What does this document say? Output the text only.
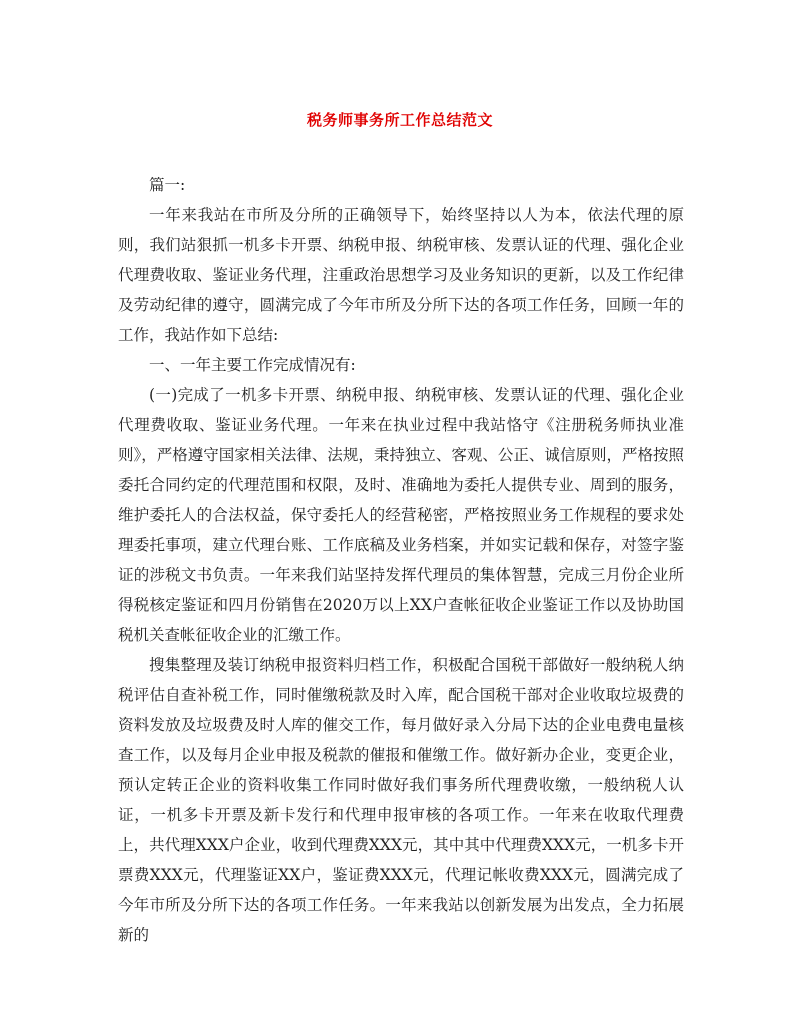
税务师事务所工作总结范文

篇一:

一年来我站在市所及分所的正确领导下，始终坚持以人为本，依法代理的原则，我们站狠抓一机多卡开票、纳税申报、纳税审核、发票认证的代理、强化企业代理费收取、鉴证业务代理，注重政治思想学习及业务知识的更新，以及工作纪律及劳动纪律的遵守，圆满完成了今年市所及分所下达的各项工作任务，回顾一年的工作，我站作如下总结:

一、一年主要工作完成情况有:

(一)完成了一机多卡开票、纳税申报、纳税审核、发票认证的代理、强化企业代理费收取、鉴证业务代理。一年来在执业过程中我站恪守《注册税务师执业准则》，严格遵守国家相关法律、法规，秉持独立、客观、公正、诚信原则，严格按照委托合同约定的代理范围和权限，及时、准确地为委托人提供专业、周到的服务，维护委托人的合法权益，保守委托人的经营秘密，严格按照业务工作规程的要求处理委托事项，建立代理台账、工作底稿及业务档案，并如实记载和保存，对签字鉴证的涉税文书负责。一年来我们站坚持发挥代理员的集体智慧，完成三月份企业所得税核定鉴证和四月份销售在2020万以上XX户查帐征收企业鉴证工作以及协助国税机关查帐征收企业的汇缴工作。

搜集整理及装订纳税申报资料归档工作，积极配合国税干部做好一般纳税人纳税评估自查补税工作，同时催缴税款及时入库，配合国税干部对企业收取垃圾费的资料发放及垃圾费及时人库的催交工作，每月做好录入分局下达的企业电费电量核查工作，以及每月企业申报及税款的催报和催缴工作。做好新办企业，变更企业，预认定转正企业的资料收集工作同时做好我们事务所代理费收缴，一般纳税人认证，一机多卡开票及新卡发行和代理申报审核的各项工作。一年来在收取代理费上，共代理XXX户企业，收到代理费XXX元，其中其中代理费XXX元，一机多卡开票费XXX元，代理鉴证XX户，鉴证费XXX元，代理记帐收费XXX元，圆满完成了今年市所及分所下达的各项工作任务。一年来我站以创新发展为出发点，全力拓展新的
